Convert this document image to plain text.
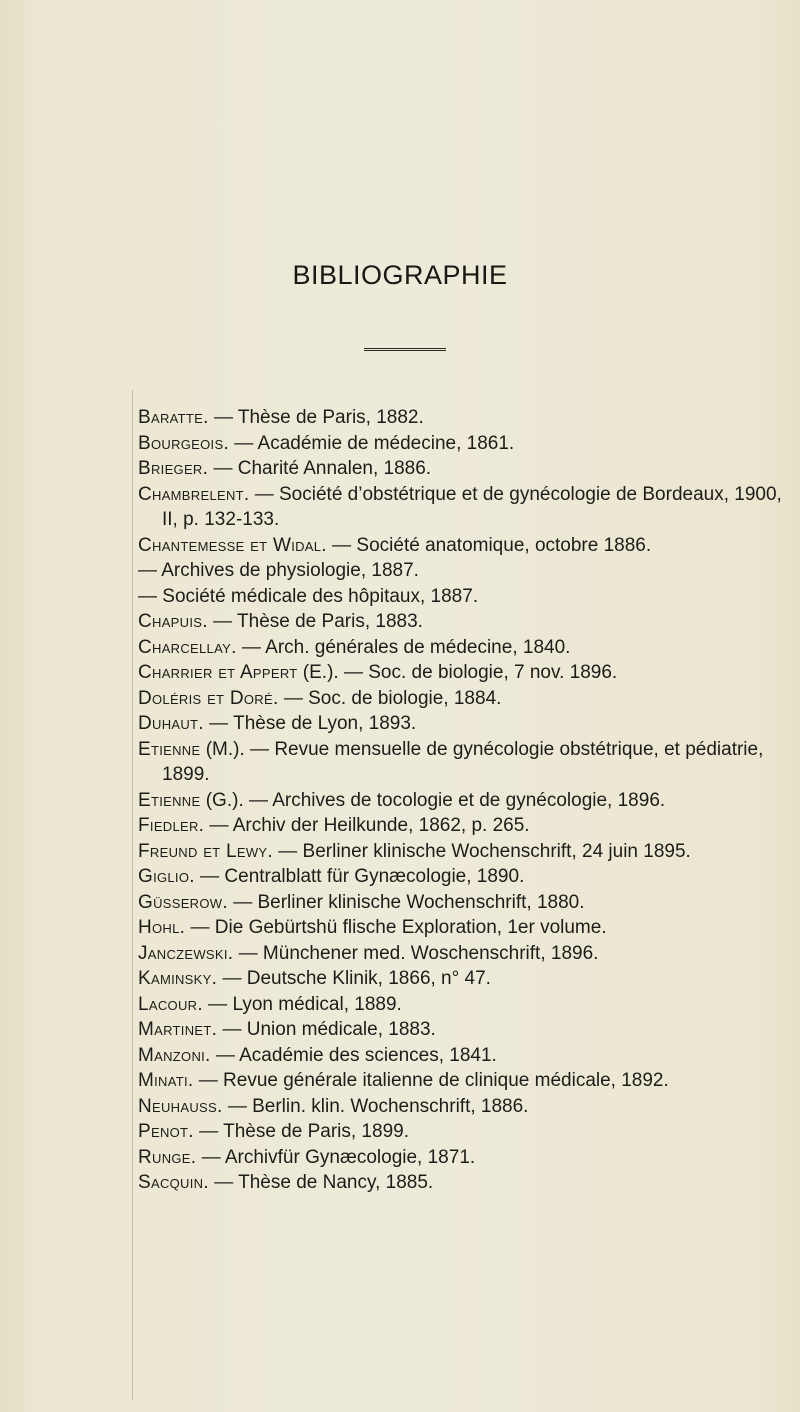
BIBLIOGRAPHIE
Baratte. — Thèse de Paris, 1882.
Bourgeois. — Académie de médecine, 1861.
Brieger. — Charité Annalen, 1886.
Chambrelent. — Société d’obstétrique et de gynécologie de Bordeaux, 1900, II, p. 132-133.
Chantemesse et Widal. — Société anatomique, octobre 1886.
— Archives de physiologie, 1887.
— Société médicale des hôpitaux, 1887.
Chapuis. — Thèse de Paris, 1883.
Charcellay. — Arch. générales de médecine, 1840.
Charrier et Appert (E.). — Soc. de biologie, 7 nov. 1896.
Doléris et Doré. — Soc. de biologie, 1884.
Duhaut. — Thèse de Lyon, 1893.
Etienne (M.). — Revue mensuelle de gynécologie obstétrique, et pédiatrie, 1899.
Etienne (G.). — Archives de tocologie et de gynécologie, 1896.
Fiedler. — Archiv der Heilkunde, 1862, p. 265.
Freund et Lewy. — Berliner klinische Wochenschrift, 24 juin 1895.
Giglio. — Centralblatt für Gynæcologie, 1890.
Güsserow. — Berliner klinische Wochenschrift, 1880.
Hohl. — Die Gebürtshü flische Exploration, 1er volume.
Janczewski. — Münchener med. Woschenschrift, 1896.
Kaminsky. — Deutsche Klinik, 1866, n° 47.
Lacour. — Lyon médical, 1889.
Martinet. — Union médicale, 1883.
Manzoni. — Académie des sciences, 1841.
Minati. — Revue générale italienne de clinique médicale, 1892.
Neuhauss. — Berlin. klin. Wochenschrift, 1886.
Penot. — Thèse de Paris, 1899.
Runge. — Archivfür Gynæcologie, 1871.
Sacquin. — Thèse de Nancy, 1885.
